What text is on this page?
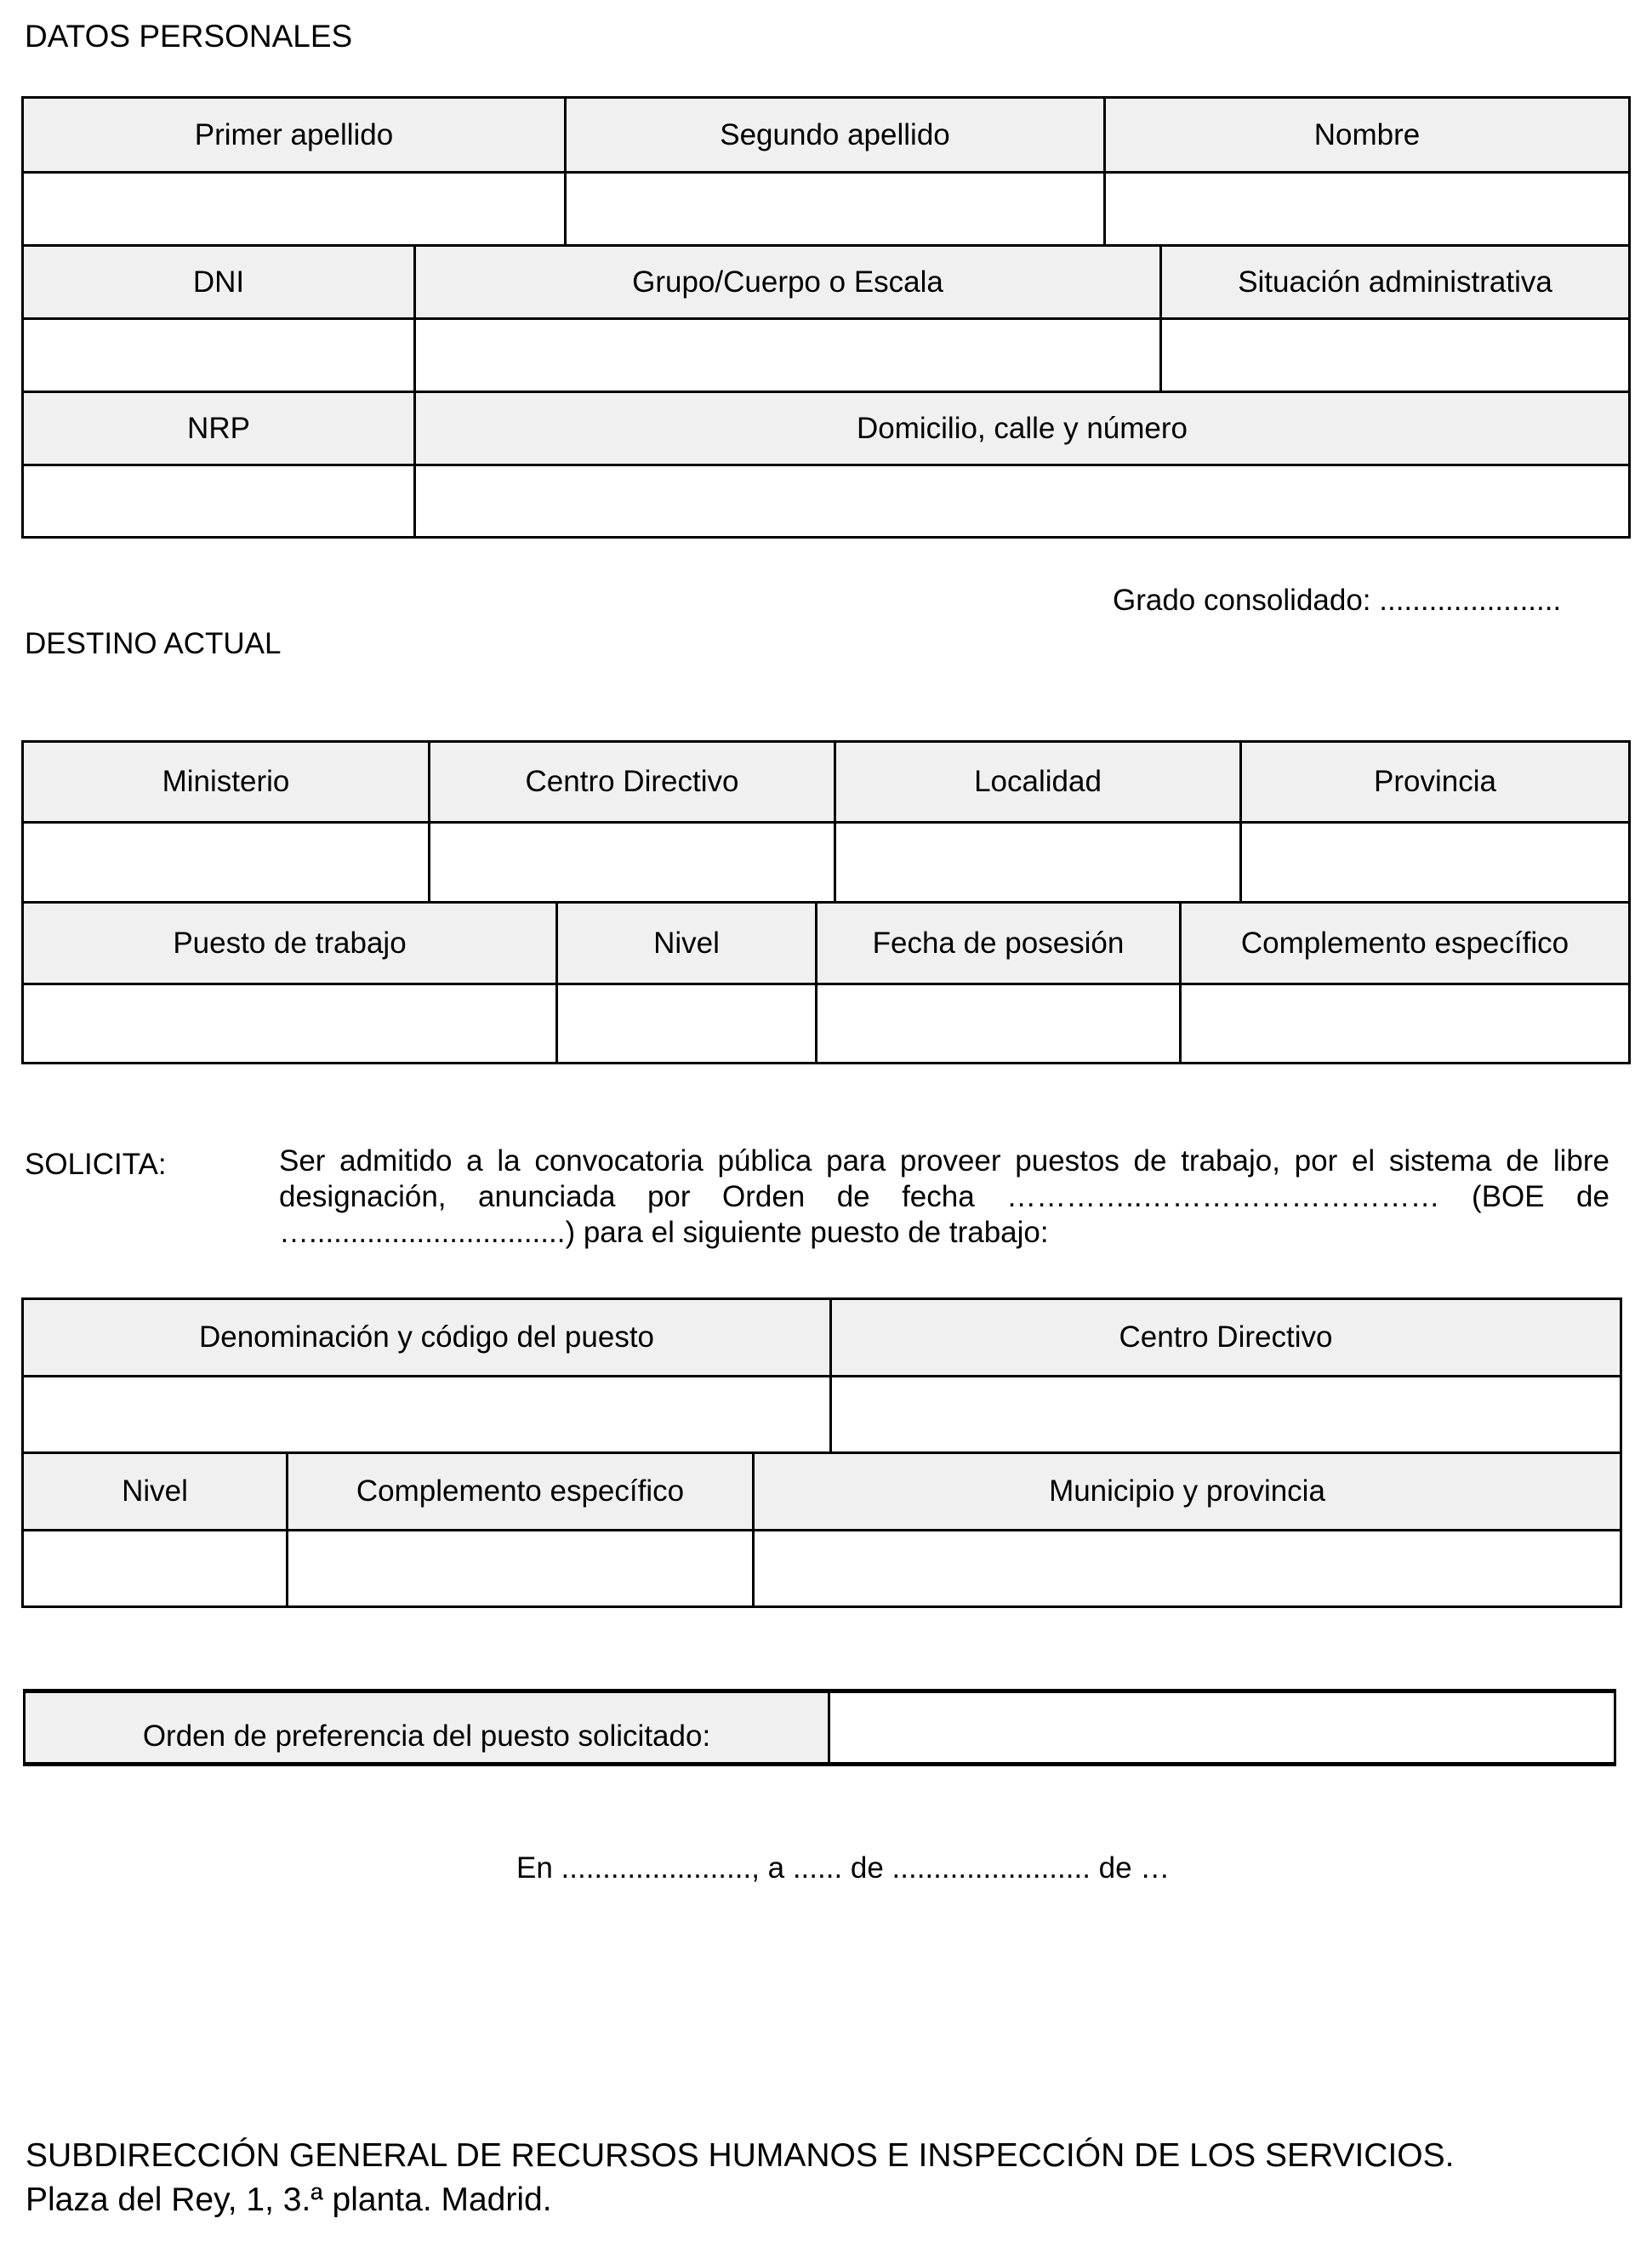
DATOS PERSONALES
Primer apellido	Segundo apellido	Nombre
DNI	Grupo/Cuerpo o Escala	Situación administrativa
NRP	Domicilio, calle y número
Grado consolidado: ......................
DESTINO ACTUAL
Ministerio	Centro Directivo	Localidad	Provincia
Puesto de trabajo	Nivel	Fecha de posesión	Complemento específico
SOLICITA:	Ser admitido a la convocatoria pública para proveer puestos de trabajo, por el sistema de libre
designación, anunciada por Orden de fecha …………..………………………… (BOE de
…...............................) para el siguiente puesto de trabajo:
Denominación y código del puesto	Centro Directivo
Nivel	Complemento específico	Municipio y provincia
Orden de preferencia del puesto solicitado:
En ......................., a ...... de ........................ de …
SUBDIRECCIÓN GENERAL DE RECURSOS HUMANOS E INSPECCIÓN DE LOS SERVICIOS.
Plaza del Rey, 1, 3.ª planta. Madrid.
